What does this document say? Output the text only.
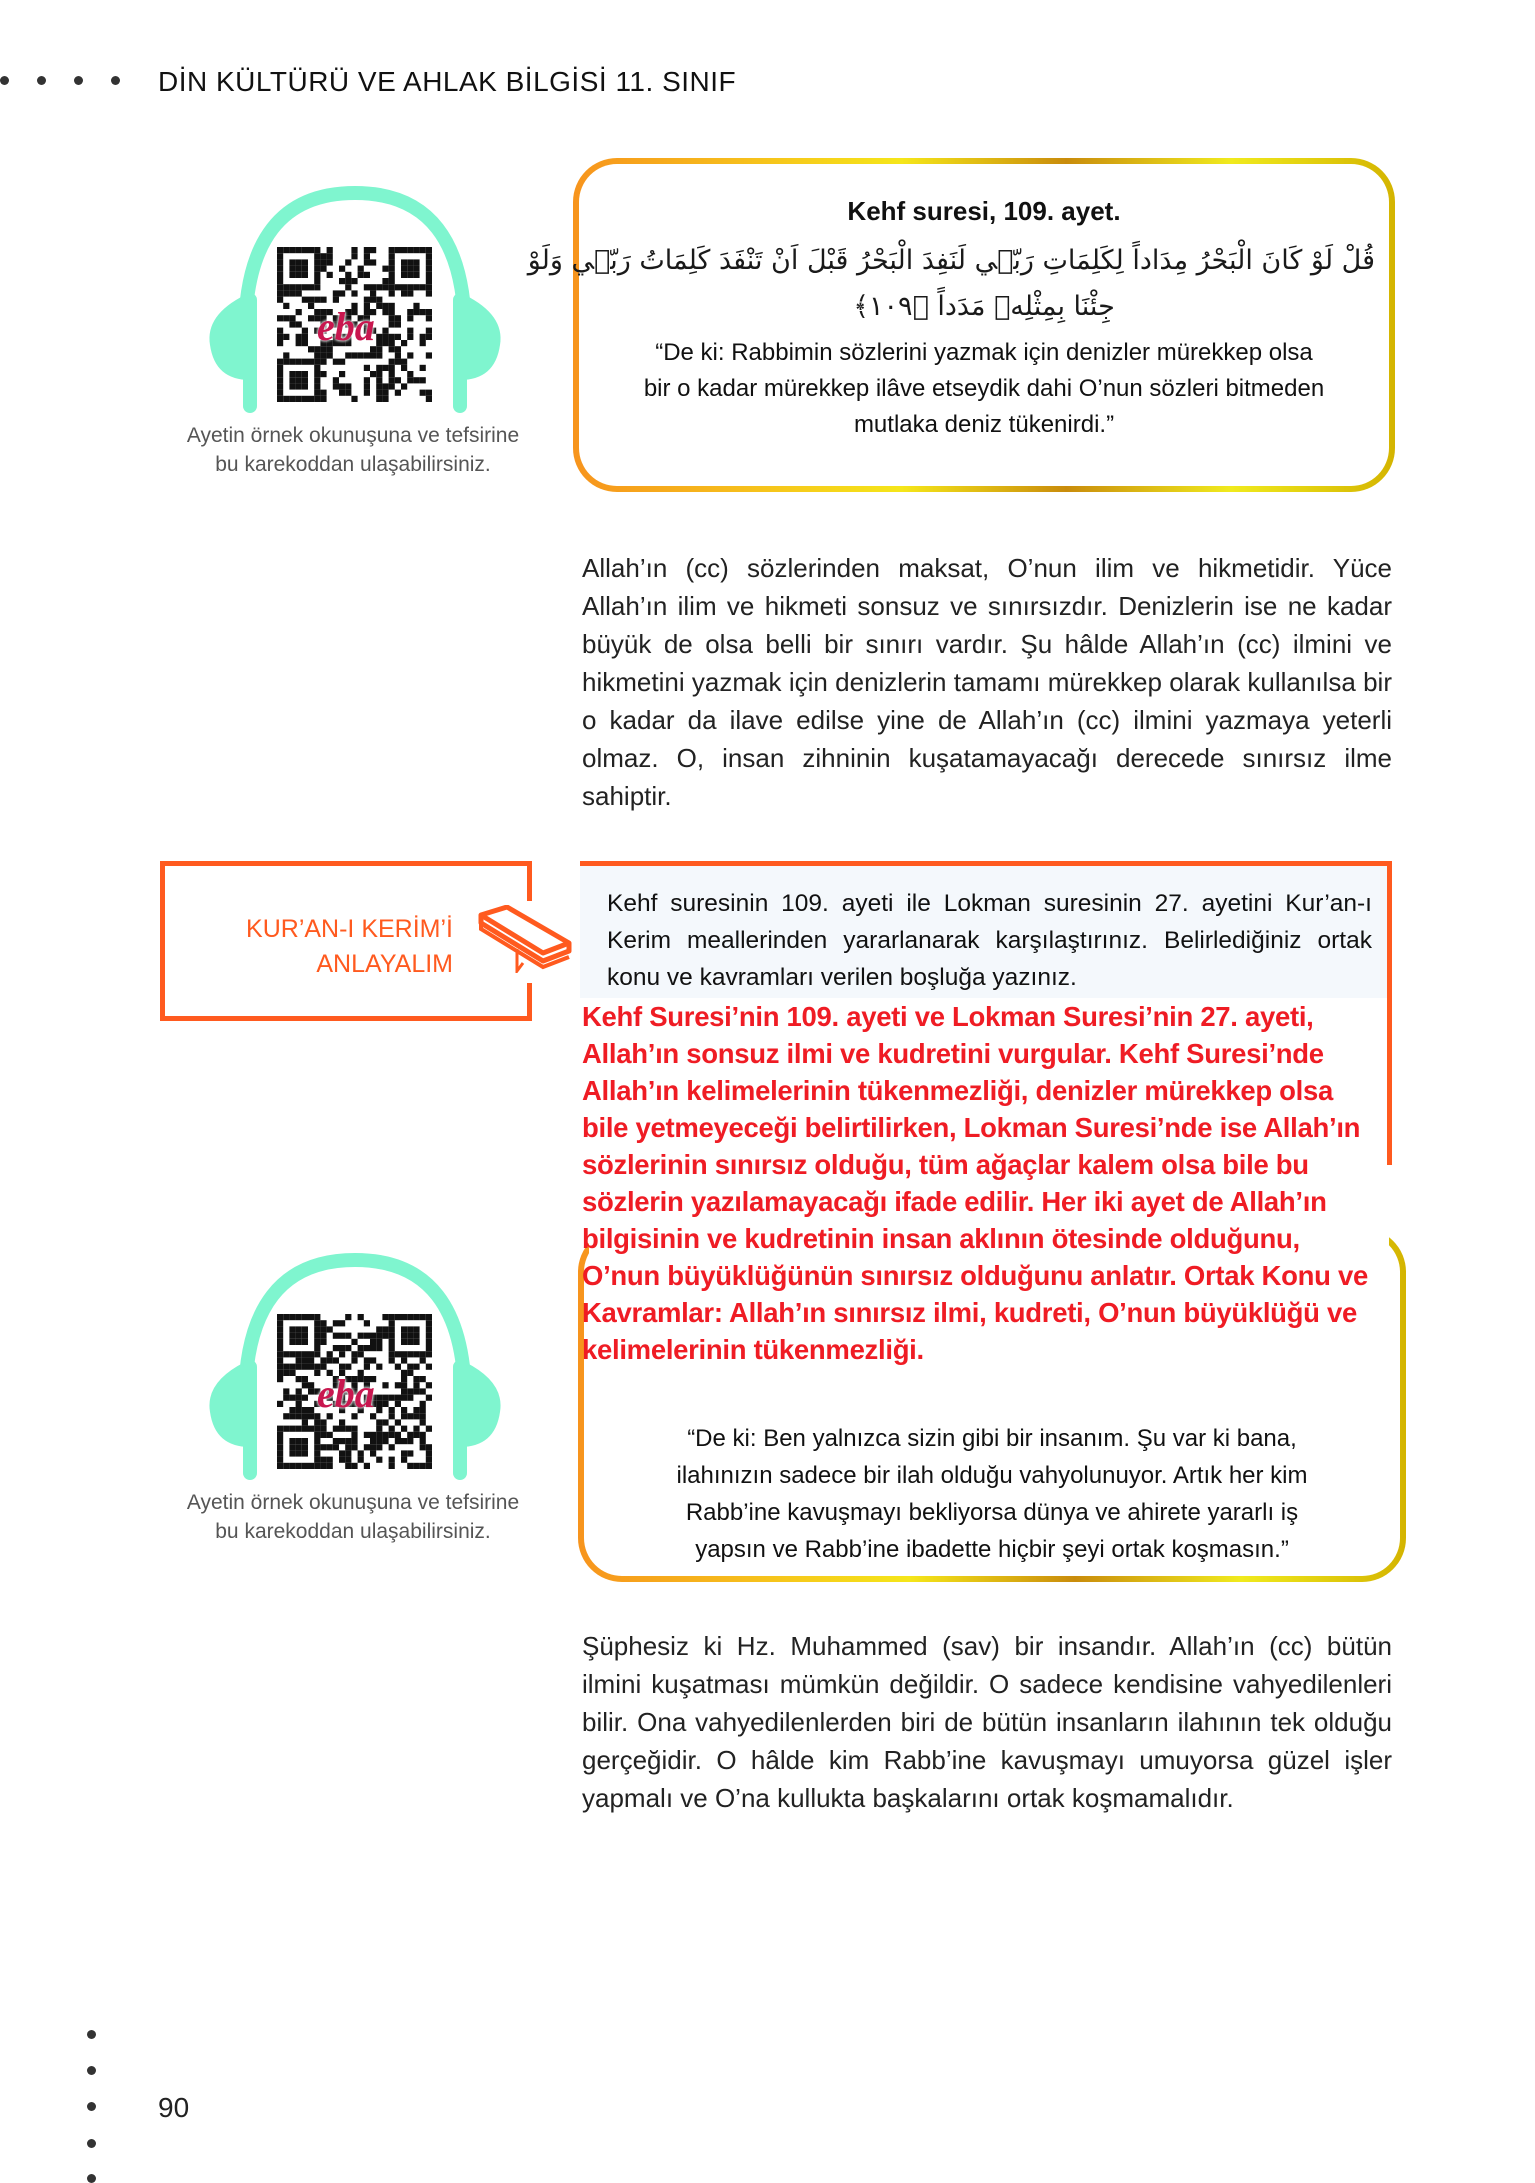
DİN KÜLTÜRÜ VE AHLAK BİLGİSİ 11. SINIF
eba
Ayetin örnek okunuşuna ve tefsirine
bu karekoddan ulaşabilirsiniz.
Kehf suresi, 109. ayet.
قُلْ لَوْ كَانَ الْبَحْرُ مِدَاداً لِكَلِمَاتِ رَبّ۪ي لَنَفِدَ الْبَحْرُ قَبْلَ اَنْ تَنْفَدَ كَلِمَاتُ رَبّ۪ي وَلَوْ
جِئْنَا بِمِثْلِه۪ مَدَداً ﴿١٠٩﴾
“De ki: Rabbimin sözlerini yazmak için denizler mürekkep olsa
bir o kadar mürekkep ilâve etseydik dahi O’nun sözleri bitmeden
mutlaka deniz tükenirdi.”
Allah’ın (cc) sözlerinden maksat, O’nun ilim ve hikmetidir. Yüce Allah’ın ilim ve hikmeti sonsuz ve sınırsızdır. Denizlerin ise ne kadar büyük de olsa belli bir sınırı vardır. Şu hâlde Allah’ın (cc) ilmini ve hikmetini yazmak için denizlerin tamamı mürekkep olarak kullanılsa bir o kadar da ilave edilse yine de Allah’ın (cc) ilmini yazmaya yeterli olmaz. O, insan zihninin kuşatamayacağı derecede sınırsız ilme sahiptir.
KUR’AN-I KERİM’İ
ANLAYALIM
Kehf suresinin 109. ayeti ile Lokman suresinin 27. ayetini Kur’an-ı Kerim meallerinden yararlanarak karşılaştırınız. Belirlediğiniz ortak konu ve kavramları verilen boşluğa yazınız.
“De ki: Ben yalnızca sizin gibi bir insanım. Şu var ki bana,
ilahınızın sadece bir ilah olduğu vahyolunuyor. Artık her kim
Rabb’ine kavuşmayı bekliyorsa dünya ve ahirete yararlı iş
yapsın ve Rabb’ine ibadette hiçbir şeyi ortak koşmasın.”
Kehf Suresi’nin 109. ayeti ve Lokman Suresi’nin 27. ayeti, Allah’ın sonsuz ilmi ve kudretini vurgular. Kehf Suresi’nde Allah’ın kelimelerinin tükenmezliği, denizler mürekkep olsa bile yetmeyeceği belirtilirken, Lokman Suresi’nde ise Allah’ın sözlerinin sınırsız olduğu, tüm ağaçlar kalem olsa bile bu sözlerin yazılamayacağı ifade edilir. Her iki ayet de Allah’ın bilgisinin ve kudretinin insan aklının ötesinde olduğunu, O’nun büyüklüğünün sınırsız olduğunu anlatır. Ortak Konu ve Kavramlar: Allah’ın sınırsız ilmi, kudreti, O’nun büyüklüğü ve kelimelerinin tükenmezliği.
eba
Ayetin örnek okunuşuna ve tefsirine
bu karekoddan ulaşabilirsiniz.
Şüphesiz ki Hz. Muhammed (sav) bir insandır. Allah’ın (cc) bütün ilmini kuşatması mümkün değildir. O sadece kendisine vahyedilenleri bilir. Ona vahyedilenlerden biri de bütün insanların ilahının tek olduğu gerçeğidir. O hâlde kim Rabb’ine kavuşmayı umuyorsa güzel işler yapmalı ve O’na kullukta başkalarını ortak koşmamalıdır.
90
